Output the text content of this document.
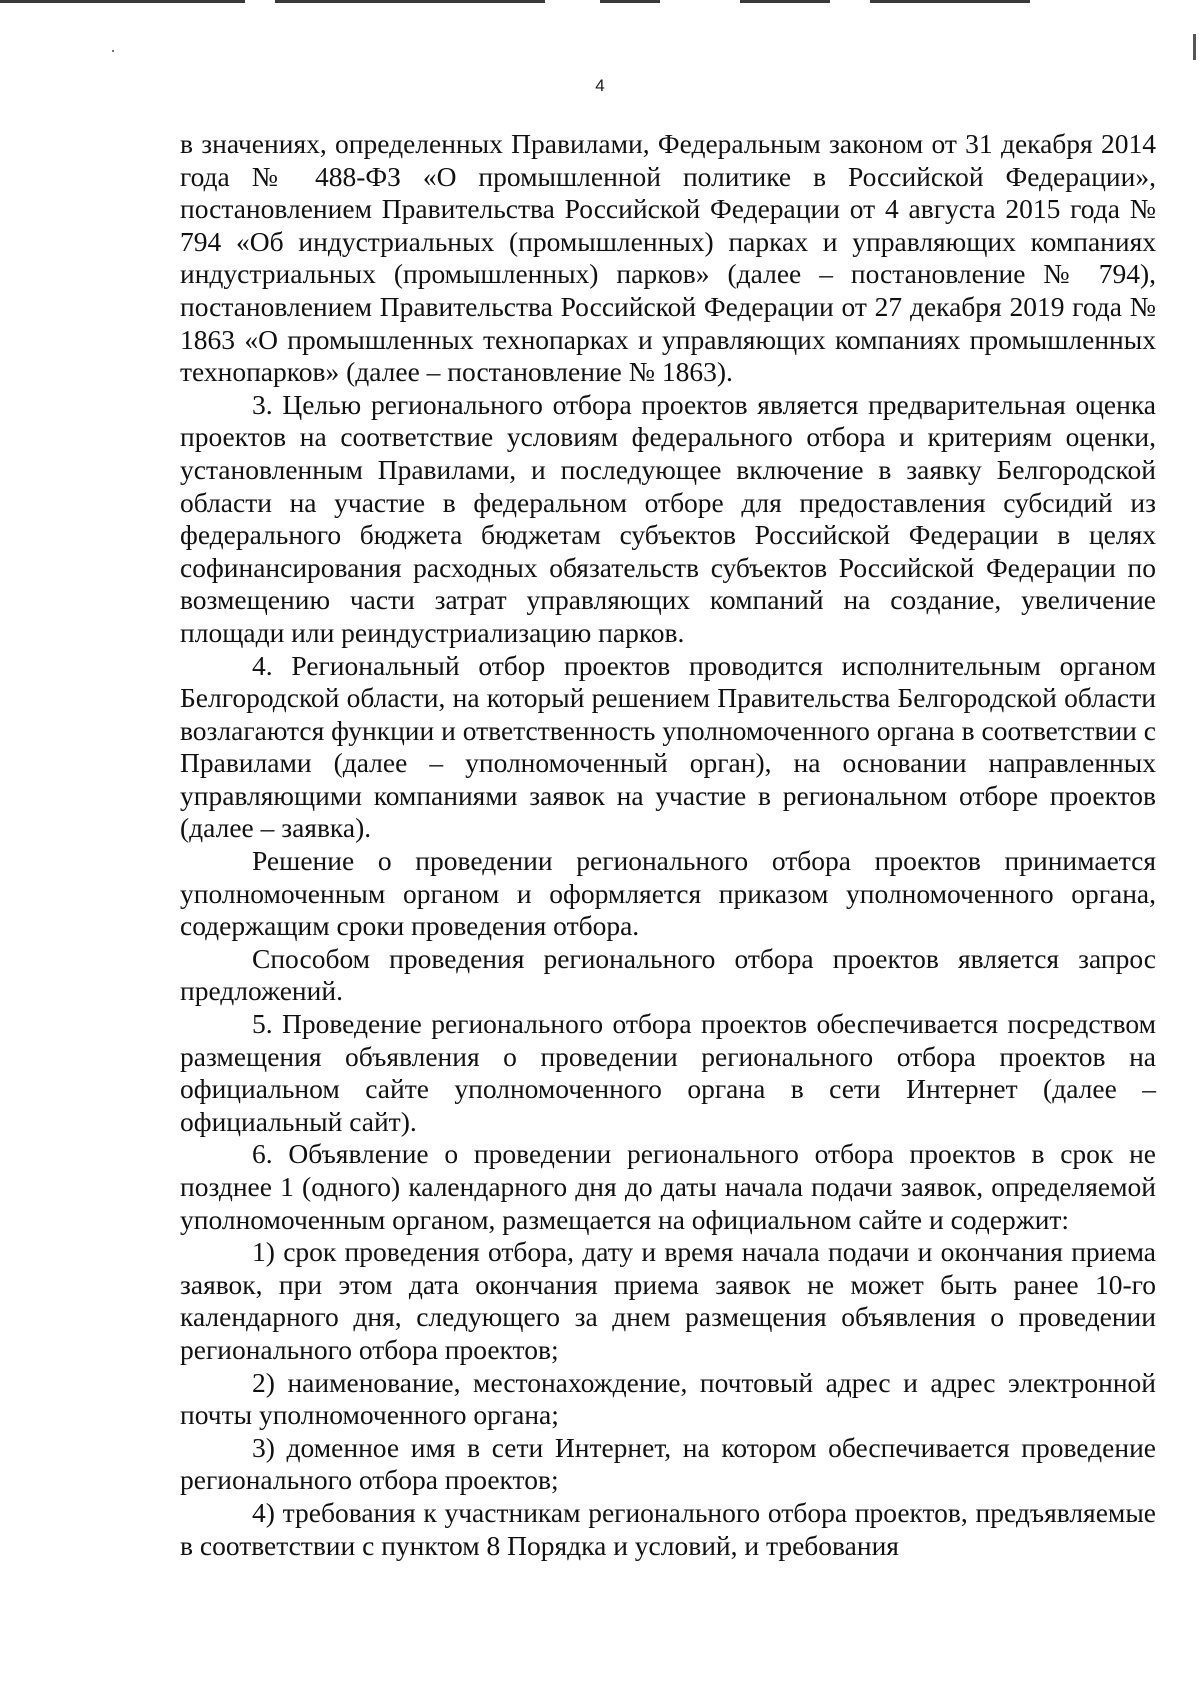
4

в значениях, определенных Правилами, Федеральным законом от 31 декабря 2014 года № 488-ФЗ «О промышленной политике в Российской Федерации», постановлением Правительства Российской Федерации от 4 августа 2015 года № 794 «Об индустриальных (промышленных) парках и управляющих компаниях индустриальных (промышленных) парков» (далее – постановление № 794), постановлением Правительства Российской Федерации от 27 декабря 2019 года № 1863 «О промышленных технопарках и управляющих компаниях промышленных технопарков» (далее – постановление № 1863).

3. Целью регионального отбора проектов является предварительная оценка проектов на соответствие условиям федерального отбора и критериям оценки, установленным Правилами, и последующее включение в заявку Белгородской области на участие в федеральном отборе для предоставления субсидий из федерального бюджета бюджетам субъектов Российской Федерации в целях софинансирования расходных обязательств субъектов Российской Федерации по возмещению части затрат управляющих компаний на создание, увеличение площади или реиндустриализацию парков.

4. Региональный отбор проектов проводится исполнительным органом Белгородской области, на который решением Правительства Белгородской области возлагаются функции и ответственность уполномоченного органа в соответствии с Правилами (далее – уполномоченный орган), на основании направленных управляющими компаниями заявок на участие в региональном отборе проектов (далее – заявка).

Решение о проведении регионального отбора проектов принимается уполномоченным органом и оформляется приказом уполномоченного органа, содержащим сроки проведения отбора.

Способом проведения регионального отбора проектов является запрос предложений.

5. Проведение регионального отбора проектов обеспечивается посредством размещения объявления о проведении регионального отбора проектов на официальном сайте уполномоченного органа в сети Интернет (далее – официальный сайт).

6. Объявление о проведении регионального отбора проектов в срок не позднее 1 (одного) календарного дня до даты начала подачи заявок, определяемой уполномоченным органом, размещается на официальном сайте и содержит:

1) срок проведения отбора, дату и время начала подачи и окончания приема заявок, при этом дата окончания приема заявок не может быть ранее 10-го календарного дня, следующего за днем размещения объявления о проведении регионального отбора проектов;

2) наименование, местонахождение, почтовый адрес и адрес электронной почты уполномоченного органа;

3) доменное имя в сети Интернет, на котором обеспечивается проведение регионального отбора проектов;

4) требования к участникам регионального отбора проектов, предъявляемые в соответствии с пунктом 8 Порядка и условий, и требования
